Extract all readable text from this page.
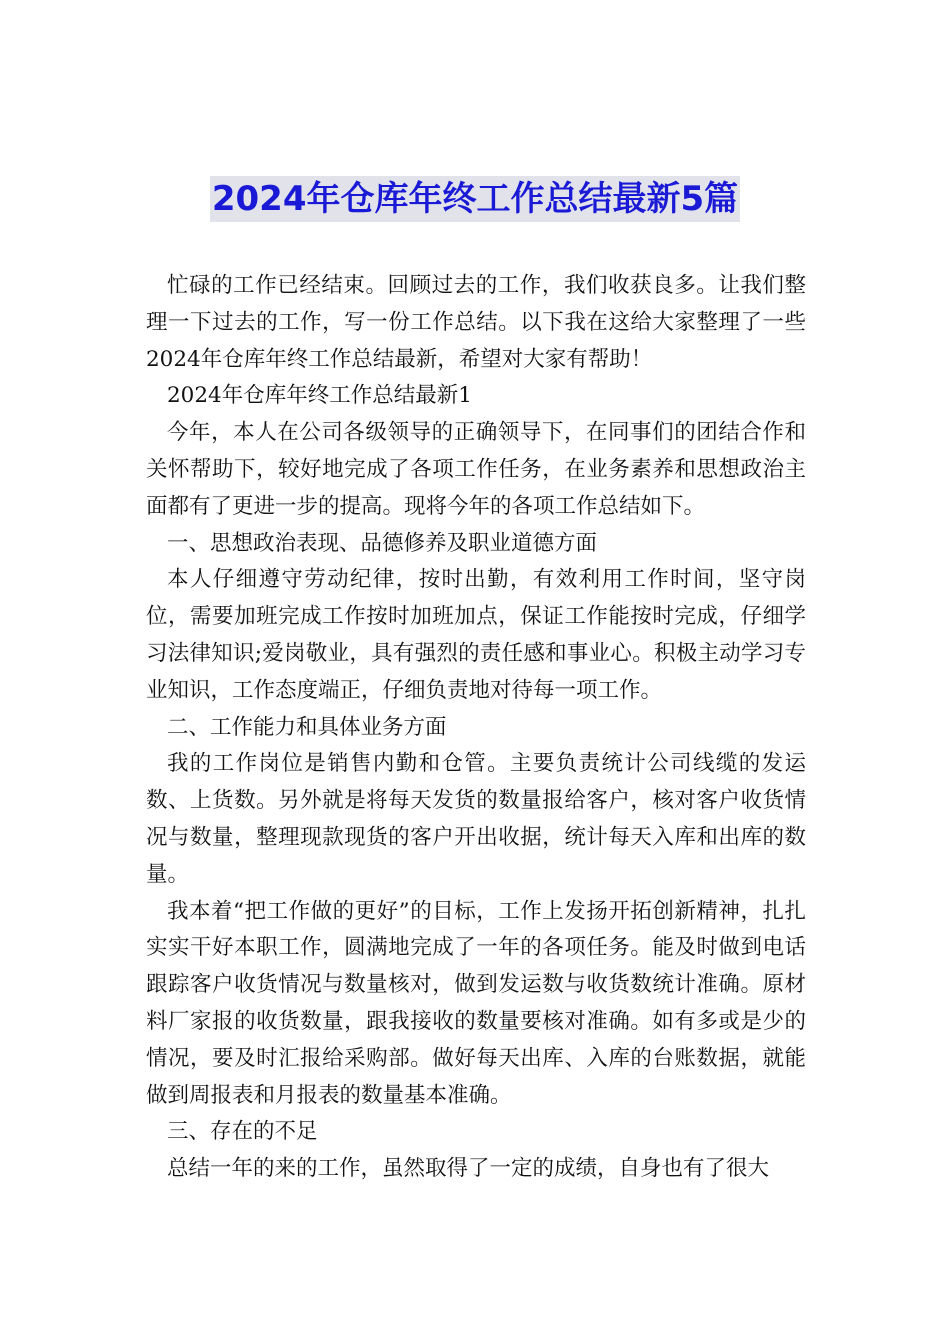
2024年仓库年终工作总结最新5篇

忙碌的工作已经结束。回顾过去的工作，我们收获良多。让我们整理一下过去的工作，写一份工作总结。以下我在这给大家整理了一些2024年仓库年终工作总结最新，希望对大家有帮助！

2024年仓库年终工作总结最新1

今年，本人在公司各级领导的正确领导下，在同事们的团结合作和关怀帮助下，较好地完成了各项工作任务，在业务素养和思想政治主面都有了更进一步的提高。现将今年的各项工作总结如下。

一、思想政治表现、品德修养及职业道德方面

本人仔细遵守劳动纪律，按时出勤，有效利用工作时间，坚守岗位，需要加班完成工作按时加班加点，保证工作能按时完成，仔细学习法律知识;爱岗敬业，具有强烈的责任感和事业心。积极主动学习专业知识，工作态度端正，仔细负责地对待每一项工作。

二、工作能力和具体业务方面

我的工作岗位是销售内勤和仓管。主要负责统计公司线缆的发运数、上货数。另外就是将每天发货的数量报给客户，核对客户收货情况与数量，整理现款现货的客户开出收据，统计每天入库和出库的数量。

我本着“把工作做的更好”的目标，工作上发扬开拓创新精神，扎扎实实干好本职工作，圆满地完成了一年的各项任务。能及时做到电话跟踪客户收货情况与数量核对，做到发运数与收货数统计准确。原材料厂家报的收货数量，跟我接收的数量要核对准确。如有多或是少的情况，要及时汇报给采购部。做好每天出库、入库的台账数据，就能做到周报表和月报表的数量基本准确。

三、存在的不足

总结一年的来的工作，虽然取得了一定的成绩，自身也有了很大
